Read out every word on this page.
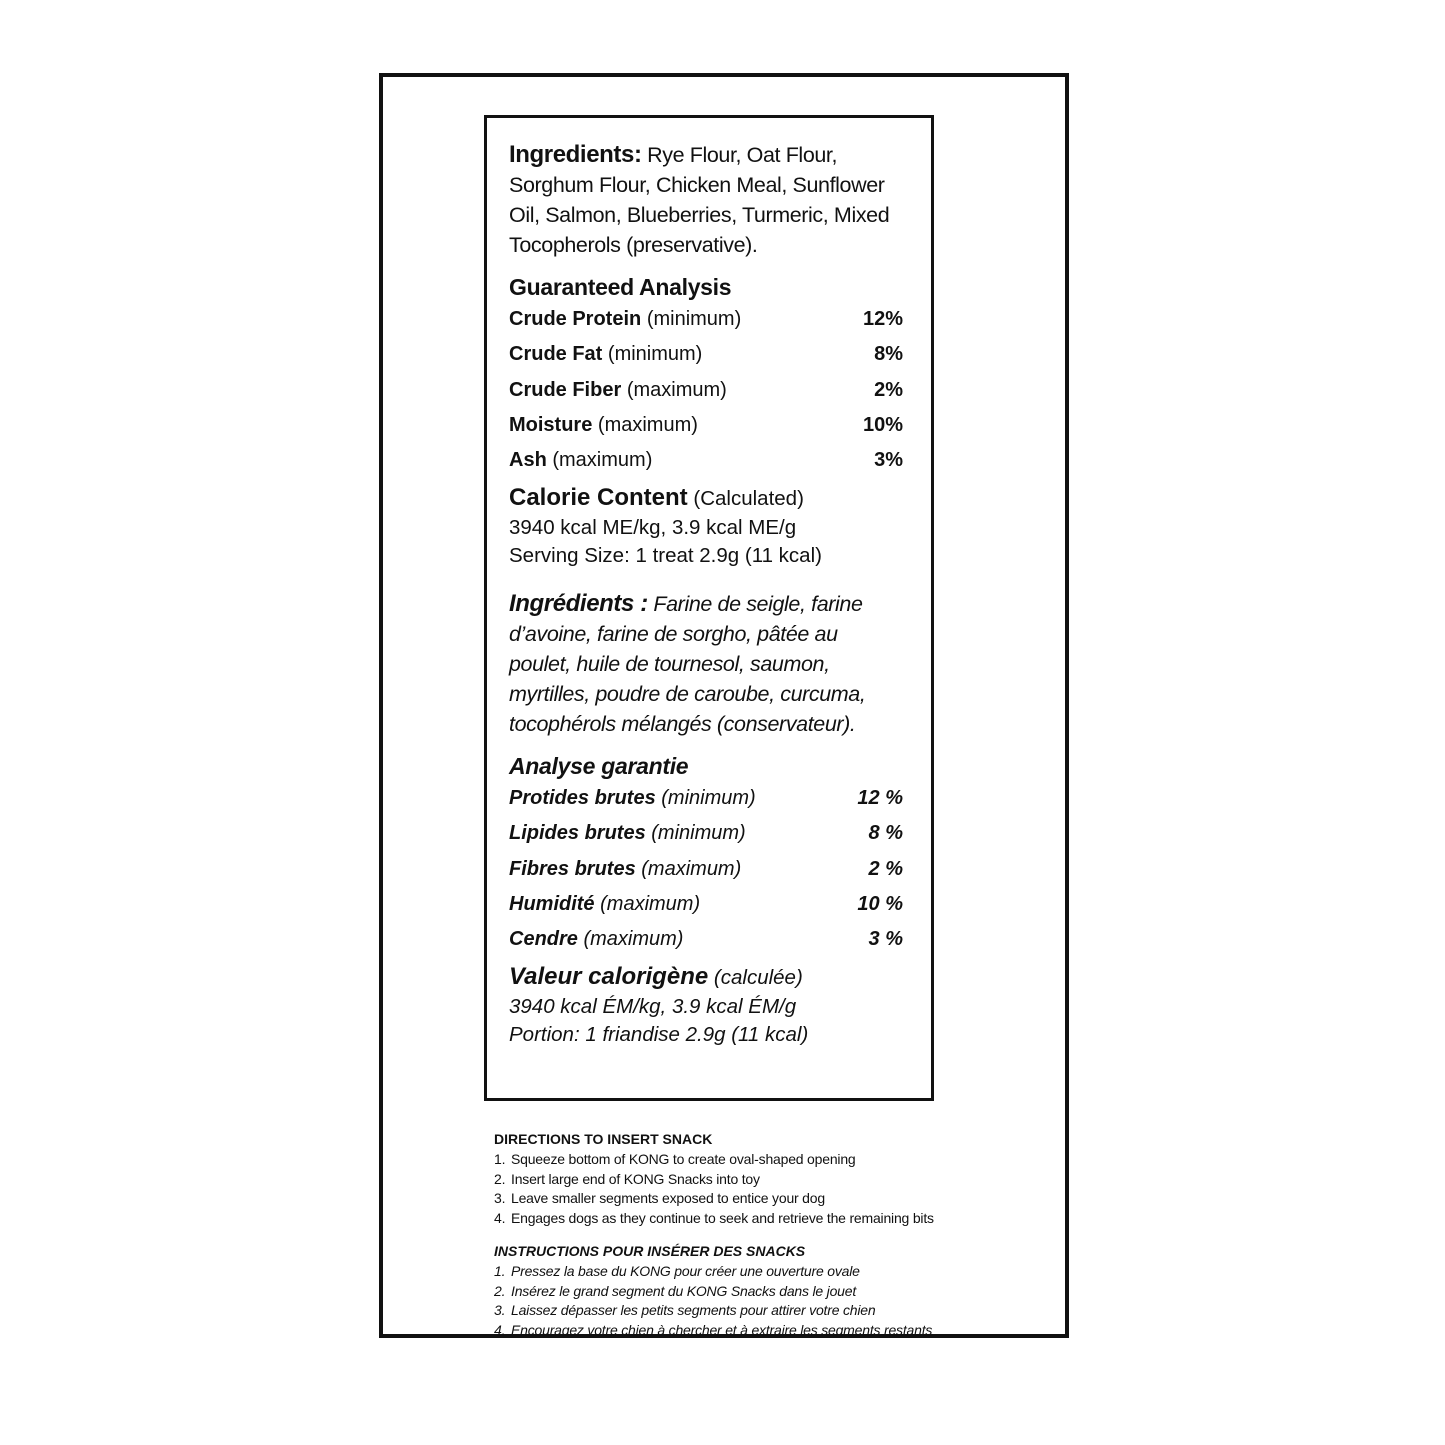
Ingredients: Rye Flour, Oat Flour, Sorghum Flour, Chicken Meal, Sunflower Oil, Salmon, Blueberries, Turmeric, Mixed Tocopherols (preservative).
Guaranteed Analysis
Crude Protein (minimum)	12%
Crude Fat (minimum)	8%
Crude Fiber (maximum)	2%
Moisture (maximum)	10%
Ash (maximum)	3%
Calorie Content (Calculated)
3940 kcal ME/kg, 3.9 kcal ME/g
Serving Size: 1 treat 2.9g (11 kcal)
Ingrédients : Farine de seigle, farine d’avoine, farine de sorgho, pâtée au poulet, huile de tournesol, saumon, myrtilles, poudre de caroube, curcuma, tocophérols mélangés (conservateur).
Analyse garantie
Protides brutes (minimum)	12 %
Lipides brutes (minimum)	8 %
Fibres brutes (maximum)	2 %
Humidité (maximum)	10 %
Cendre (maximum)	3 %
Valeur calorigène (calculée)
3940 kcal ÉM/kg, 3.9 kcal ÉM/g
Portion: 1 friandise 2.9g (11 kcal)
DIRECTIONS TO INSERT SNACK
1. Squeeze bottom of KONG to create oval-shaped opening
2. Insert large end of KONG Snacks into toy
3. Leave smaller segments exposed to entice your dog
4. Engages dogs as they continue to seek and retrieve the remaining bits
INSTRUCTIONS POUR INSÉRER DES SNACKS
1. Pressez la base du KONG pour créer une ouverture ovale
2. Insérez le grand segment du KONG Snacks dans le jouet
3. Laissez dépasser les petits segments pour attirer votre chien
4. Encouragez votre chien à chercher et à extraire les segments restants
